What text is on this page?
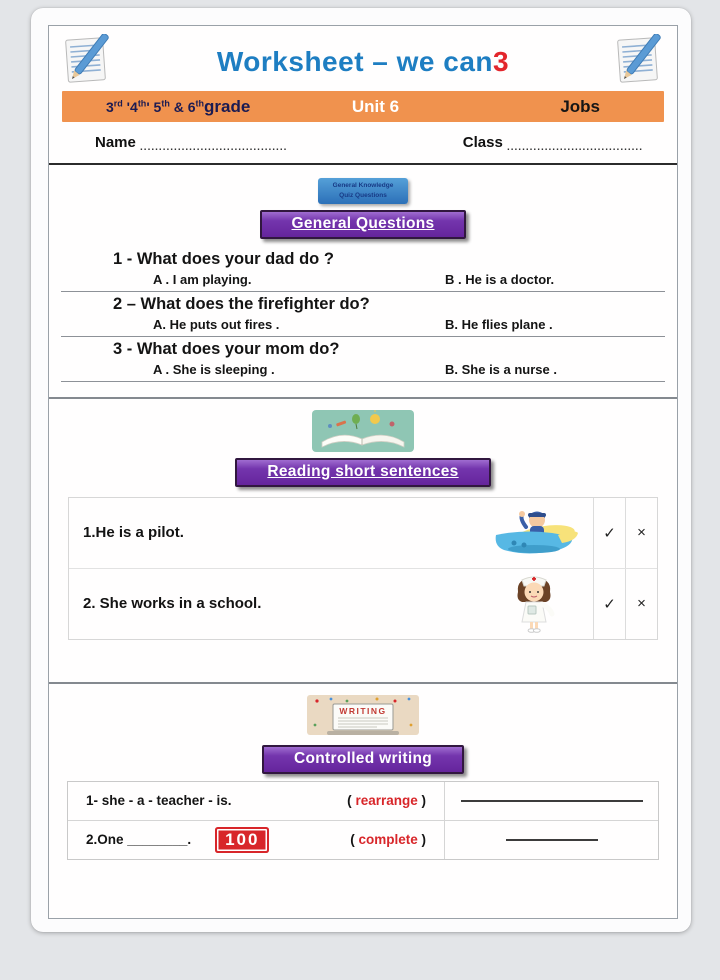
Worksheet – we can3
3rd '4th' 5th & 6thgrade	Unit 6	Jobs
Name $_{.......................................}$	Class $_{....................................}$
General Knowledge
Quiz Questions
General Questions
1 - What does your dad do ?
A . I am playing.	B . He is a doctor.
2 – What does the firefighter do?
A. He puts out fires .	B. He flies plane .
3 - What does your mom do?
A . She is sleeping .	B. She is a nurse .
Reading short sentences
1.He is a pilot.	✓	×
2. She works in a school.	✓	×
WRITING
Controlled writing
1- she - a - teacher - is.	( rearrange )
2.One ________.	100	( complete )
